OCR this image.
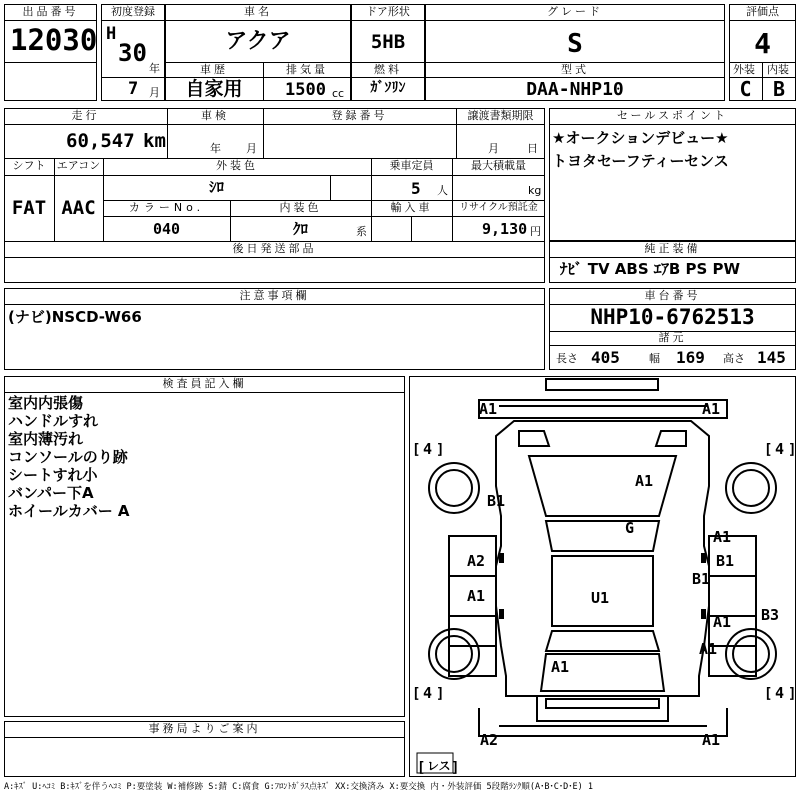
出品番号
12030
初度登録
H
30
年
7 月
車名
アクア
車歴
自家用
排気量
1500 cc
ドア形状
5HB
燃料
ｶﾞｿﾘﾝ
グレード
S
型式
DAA-NHP10
評価点
4
外装 内装
C	B
走行
60,547 km
車検
年 月
登録番号	譲渡書類期限
月	日
シフト
FAT
エアコン
AAC
外装色
ｼﾛ
乗車定員
5 人
最大積載量
kg
カラーNo.
040
内装色
ｸﾛ	系
輸入車	リサイクル預託金
9,130 円
後日発送部品
セールスポイント
★オークションデビュー★
トヨタセーフティーセンス
純正装備
ﾅﾋﾞ TV ABS ｴｱB PS PW
注意事項欄
(ナビ)NSCD-W66
車台番号
NHP10-6762513
諸元
長さ 405	幅 169 高さ 145
検査員記入欄
室内内張傷
ハンドルすれ
室内薄汚れ
コンソールのり跡
シートすれ小
バンパー下A
ホイールカバー A
事務局よりご案内
[ ]	[ ]
[ ]	[ ]
[ ]
4	4
4	4
レス
A1	A1
A1
B1
G	A1
B1
B1
A2
A1	U1
A1 B3
A1
A1
A2	A1
A:ｷｽﾞ U:ﾍｺﾐ B:ｷｽﾞを伴うﾍｺﾐ P:要塗装 W:補修跡 S:錆 C:腐食 G:ﾌﾛﾝﾄｶﾞﾗｽ点ｷｽﾞ XX:交換済み X:要交換 内・外装評価 5段階ﾗﾝｸ順(A･B･C･D･E) 1
